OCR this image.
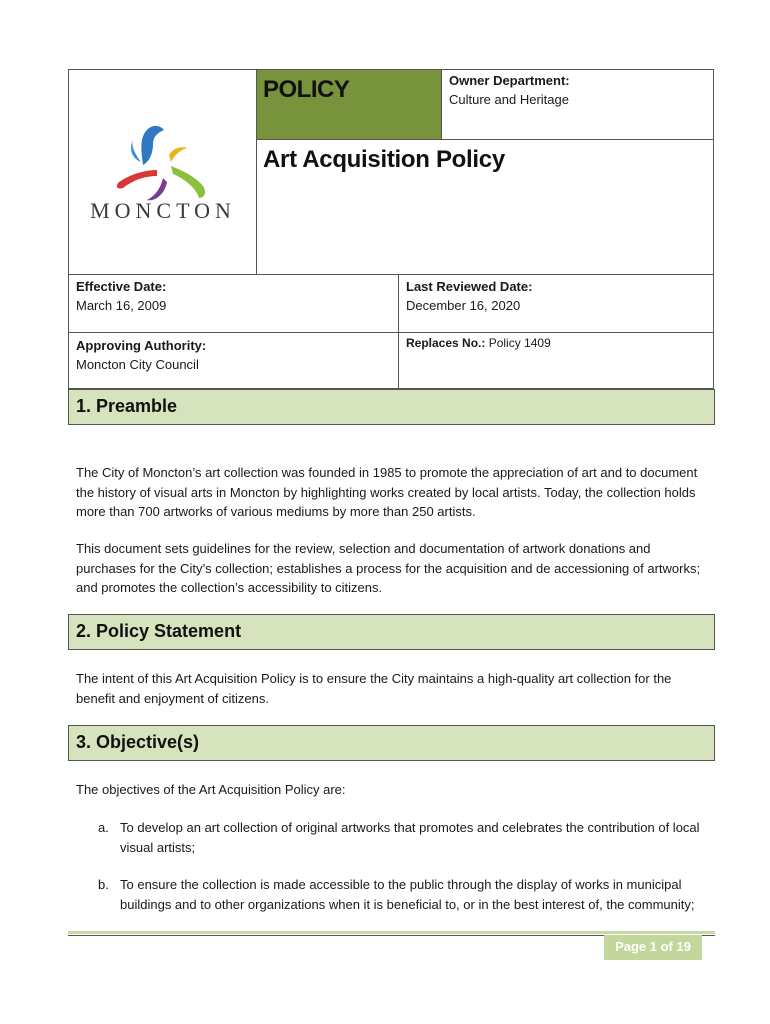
MONCTON
POLICY	Owner Department:
Culture and Heritage
Art Acquisition Policy
Effective Date:
March 16, 2009
Last Reviewed Date:
December 16, 2020
Approving Authority:
Moncton City Council
Replaces No.: Policy 1409
1. Preamble

The City of Moncton’s art collection was founded in 1985 to promote the appreciation of art and to document the history of visual arts in Moncton by highlighting works created by local artists. Today, the collection holds more than 700 artworks of various mediums by more than 250 artists.

This document sets guidelines for the review, selection and documentation of artwork donations and purchases for the City’s collection; establishes a process for the acquisition and de accessioning of artworks; and promotes the collection’s accessibility to citizens.

2. Policy Statement

The intent of this Art Acquisition Policy is to ensure the City maintains a high-quality art collection for the benefit and enjoyment of citizens.

3. Objective(s)

The objectives of the Art Acquisition Policy are:

a. To develop an art collection of original artworks that promotes and celebrates the contribution of local visual artists;
b. To ensure the collection is made accessible to the public through the display of works in municipal buildings and to other organizations when it is beneficial to, or in the best interest of, the community;
Page 1 of 19
